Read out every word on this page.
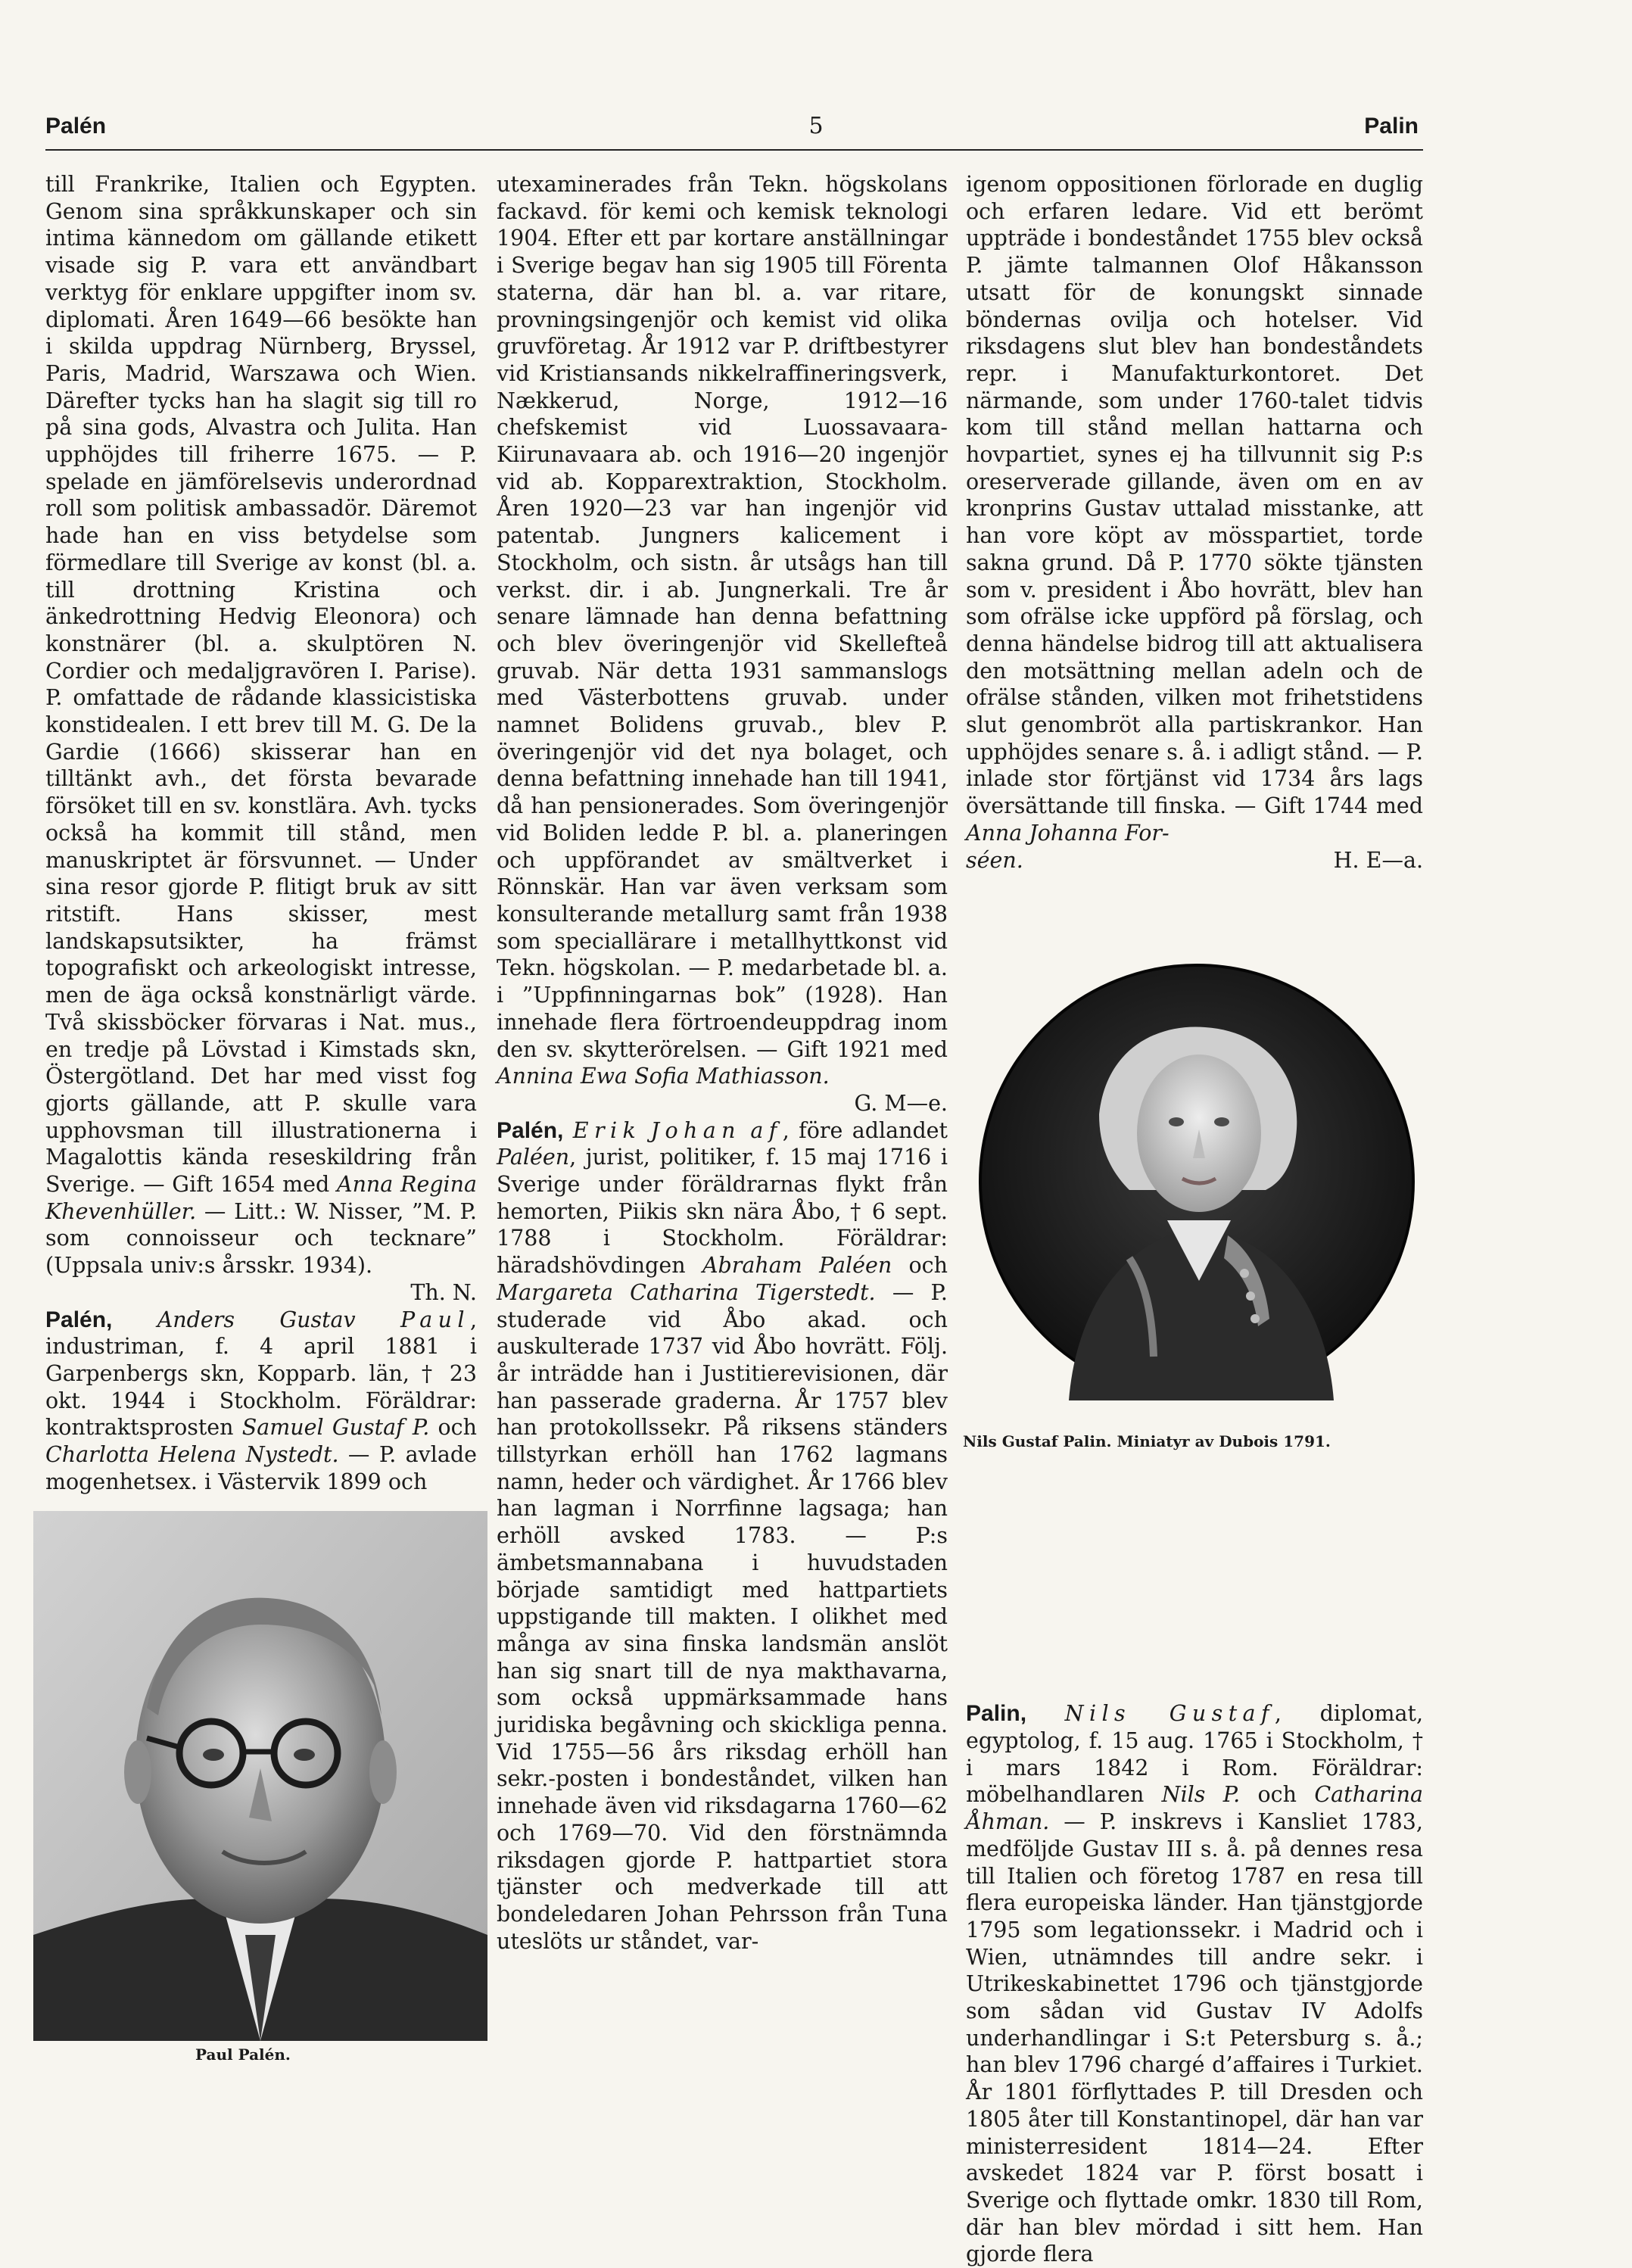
Palén	5	Palin

till Frankrike, Italien och Egypten. Genom sina språkkunskaper och sin intima kännedom om gällande etikett visade sig P. vara ett användbart verktyg för enklare uppgifter inom sv. diplomati. Åren 1649—66 besökte han i skilda uppdrag Nürnberg, Bryssel, Paris, Madrid, Warszawa och Wien. Därefter tycks han ha slagit sig till ro på sina gods, Alvastra och Julita. Han upphöjdes till friherre 1675. — P. spelade en jämförelsevis underordnad roll som politisk ambassadör. Däremot hade han en viss betydelse som förmedlare till Sverige av konst (bl. a. till drottning Kristina och änkedrottning Hedvig Eleonora) och konstnärer (bl. a. skulptören N. Cordier och medaljgravören I. Parise). P. omfattade de rådande klassicistiska konstidealen. I ett brev till M. G. De la Gardie (1666) skisserar han en tilltänkt avh., det första bevarade försöket till en sv. konstlära. Avh. tycks också ha kommit till stånd, men manuskriptet är försvunnet. — Under sina resor gjorde P. flitigt bruk av sitt ritstift. Hans skisser, mest landskapsutsikter, ha främst topografiskt och arkeologiskt intresse, men de äga också konstnärligt värde. Två skissböcker förvaras i Nat. mus., en tredje på Lövstad i Kimstads skn, Östergötland. Det har med visst fog gjorts gällande, att P. skulle vara upphovsman till illustrationerna i Magalottis kända reseskildring från Sverige. — Gift 1654 med Anna Regina Khevenhüller. — Litt.: W. Nisser, ”M. P. som connoisseur och tecknare” (Uppsala univ:s årsskr. 1934).

Th. N.

Palén, Anders Gustav Paul, industriman, f. 4 april 1881 i Garpenbergs skn, Kopparb. län, † 23 okt. 1944 i Stockholm. Föräldrar: kontraktsprosten Samuel Gustaf P. och Charlotta Helena Nystedt. — P. avlade mogenhetsex. i Västervik 1899 och

Paul Palén.

utexaminerades från Tekn. högskolans fackavd. för kemi och kemisk teknologi 1904. Efter ett par kortare anställningar i Sverige begav han sig 1905 till Förenta staterna, där han bl. a. var ritare, provningsingenjör och kemist vid olika gruvföretag. År 1912 var P. driftbestyrer vid Kristiansands nikkelraffineringsverk, Nækkerud, Norge, 1912—16 chefskemist vid Luossavaara-Kiirunavaara ab. och 1916—20 ingenjör vid ab. Kopparextraktion, Stockholm. Åren 1920—23 var han ingenjör vid patentab. Jungners kalicement i Stockholm, och sistn. år utsågs han till verkst. dir. i ab. Jungnerkali. Tre år senare lämnade han denna befattning och blev överingenjör vid Skellefteå gruvab. När detta 1931 sammanslogs med Västerbottens gruvab. under namnet Bolidens gruvab., blev P. överingenjör vid det nya bolaget, och denna befattning innehade han till 1941, då han pensionerades. Som överingenjör vid Boliden ledde P. bl. a. planeringen och uppförandet av smältverket i Rönnskär. Han var även verksam som konsulterande metallurg samt från 1938 som speciallärare i metallhyttkonst vid Tekn. högskolan. — P. medarbetade bl. a. i ”Uppfinningarnas bok” (1928). Han innehade flera förtroendeuppdrag inom den sv. skytterörelsen. — Gift 1921 med Annina Ewa Sofia Mathiasson.

G. M—e.

Palén, Erik Johan af, före adlandet Paléen, jurist, politiker, f. 15 maj 1716 i Sverige under föräldrarnas flykt från hemorten, Piikis skn nära Åbo, † 6 sept. 1788 i Stockholm. Föräldrar: häradshövdingen Abraham Paléen och Margareta Catharina Tigerstedt. — P. studerade vid Åbo akad. och auskulterade 1737 vid Åbo hovrätt. Följ. år inträdde han i Justitierevisionen, där han passerade graderna. År 1757 blev han protokollssekr. På riksens ständers tillstyrkan erhöll han 1762 lagmans namn, heder och värdighet. År 1766 blev han lagman i Norrfinne lagsaga; han erhöll avsked 1783. — P:s ämbetsmannabana i huvudstaden började samtidigt med hattpartiets uppstigande till makten. I olikhet med många av sina finska landsmän anslöt han sig snart till de nya makthavarna, som också uppmärksammade hans juridiska begåvning och skickliga penna. Vid 1755—56 års riksdag erhöll han sekr.-posten i bondeståndet, vilken han innehade även vid riksdagarna 1760—62 och 1769—70. Vid den förstnämnda riksdagen gjorde P. hattpartiet stora tjänster och medverkade till att bondeledaren Johan Pehrsson från Tuna uteslöts ur ståndet, var-

igenom oppositionen förlorade en duglig och erfaren ledare. Vid ett berömt uppträde i bondeståndet 1755 blev också P. jämte talmannen Olof Håkansson utsatt för de konungskt sinnade böndernas ovilja och hotelser. Vid riksdagens slut blev han bondeståndets repr. i Manufakturkontoret. Det närmande, som under 1760-talet tidvis kom till stånd mellan hattarna och hovpartiet, synes ej ha tillvunnit sig P:s oreserverade gillande, även om en av kronprins Gustav uttalad misstanke, att han vore köpt av mösspartiet, torde sakna grund. Då P. 1770 sökte tjänsten som v. president i Åbo hovrätt, blev han som ofrälse icke uppförd på förslag, och denna händelse bidrog till att aktualisera den motsättning mellan adeln och de ofrälse stånden, vilken mot frihetstidens slut genombröt alla partiskrankor. Han upphöjdes senare s. å. i adligt stånd. — P. inlade stor förtjänst vid 1734 års lags översättande till finska. — Gift 1744 med Anna Johanna For-

séen.	H. E—a.

Palin, Nils Gustaf, diplomat, egyptolog, f. 15 aug. 1765 i Stockholm, † i mars 1842 i Rom. Föräldrar: möbelhandlaren Nils P. och Catharina Åhman. — P. inskrevs i Kansliet 1783, medföljde Gustav III s. å. på dennes resa till Italien och företog 1787 en resa till flera europeiska länder. Han tjänstgjorde 1795 som legationssekr. i Madrid och i Wien, utnämndes till andre sekr. i Utrikeskabinettet 1796 och tjänstgjorde som sådan vid Gustav IV Adolfs underhandlingar i S:t Petersburg s. å.; han blev 1796 chargé d’affaires i Turkiet. År 1801 förflyttades P. till Dresden och 1805 åter till Konstantinopel, där han var ministerresident 1814—24. Efter avskedet 1824 var P. först bosatt i Sverige och flyttade omkr. 1830 till Rom, där han blev mördad i sitt hem. Han gjorde flera

Nils Gustaf Palin. Miniatyr av Dubois 1791.
